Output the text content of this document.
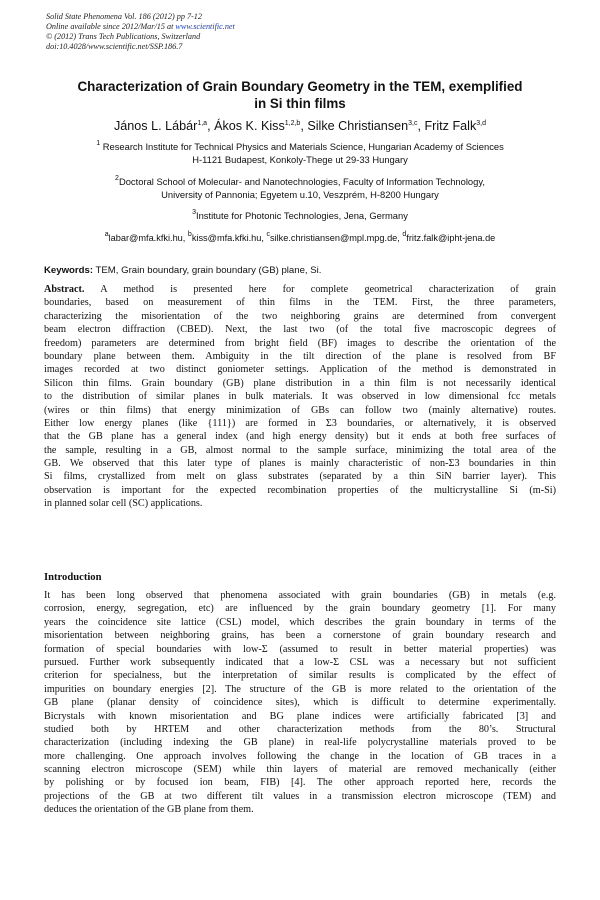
Solid State Phenomena Vol. 186 (2012) pp 7-12
Online available since 2012/Mar/15 at www.scientific.net
© (2012) Trans Tech Publications, Switzerland
doi:10.4028/www.scientific.net/SSP.186.7
Characterization of Grain Boundary Geometry in the TEM, exemplified
in Si thin films
János L. Lábár$^{1,a}$, Ákos K. Kiss$^{1,2,b}$, Silke Christiansen$^{3,c}$, Fritz Falk$^{3,d}$
$^1$ Research Institute for Technical Physics and Materials Science, Hungarian Academy of Sciences
H-1121 Budapest, Konkoly-Thege ut 29-33 Hungary
$^2$Doctoral School of Molecular- and Nanotechnologies, Faculty of Information Technology,
University of Pannonia; Egyetem u.10, Veszprém, H-8200 Hungary
$^3$Institute for Photonic Technologies, Jena, Germany
$^a$labar@mfa.kfki.hu, $^b$kiss@mfa.kfki.hu, $^c$silke.christiansen@mpl.mpg.de, $^d$fritz.falk@ipht-jena.de
Keywords: TEM, Grain boundary, grain boundary (GB) plane, Si.
Abstract. A method is presented here for complete geometrical characterization of grain
boundaries, based on measurement of thin films in the TEM. First, the three parameters,
characterizing the misorientation of the two neighboring grains are determined from convergent
beam electron diffraction (CBED). Next, the last two (of the total five macroscopic degrees of
freedom) parameters are determined from bright field (BF) images to describe the orientation of the
boundary plane between them. Ambiguity in the tilt direction of the plane is resolved from BF
images recorded at two distinct goniometer settings. Application of the method is demonstrated in
Silicon thin films. Grain boundary (GB) plane distribution in a thin film is not necessarily identical
to the distribution of similar planes in bulk materials. It was observed in low dimensional fcc metals
(wires or thin films) that energy minimization of GBs can follow two (mainly alternative) routes.
Either low energy planes (like {111}) are formed in Σ3 boundaries, or alternatively, it is observed
that the GB plane has a general index (and high energy density) but it ends at both free surfaces of
the sample, resulting in a GB, almost normal to the sample surface, minimizing the total area of the
GB. We observed that this later type of planes is mainly characteristic of non-Σ3 boundaries in thin
Si films, crystallized from melt on glass substrates (separated by a thin SiN barrier layer). This
observation is important for the expected recombination properties of the multicrystalline Si (m-Si)
in planned solar cell (SC) applications.
Introduction
It has been long observed that phenomena associated with grain boundaries (GB) in metals (e.g.
corrosion, energy, segregation, etc) are influenced by the grain boundary geometry [1]. For many
years the coincidence site lattice (CSL) model, which describes the grain boundary in terms of the
misorientation between neighboring grains, has been a cornerstone of grain boundary research and
formation of special boundaries with low-Σ (assumed to result in better material properties) was
pursued. Further work subsequently indicated that a low-Σ CSL was a necessary but not sufficient
criterion for specialness, but the interpretation of similar results is complicated by the effect of
impurities on boundary energies [2]. The structure of the GB is more related to the orientation of the
GB plane (planar density of coincidence sites), which is difficult to determine experimentally.
Bicrystals with known misorientation and BG plane indices were artificially fabricated [3] and
studied both by HRTEM and other characterization methods from the 80’s. Structural
characterization (including indexing the GB plane) in real-life polycrystalline materials proved to be
more challenging. One approach involves following the change in the location of GB traces in a
scanning electron microscope (SEM) while thin layers of material are removed mechanically (either
by polishing or by focused ion beam, FIB) [4]. The other approach reported here, records the
projections of the GB at two different tilt values in a transmission electron microscope (TEM) and
deduces the orientation of the GB plane from them.
